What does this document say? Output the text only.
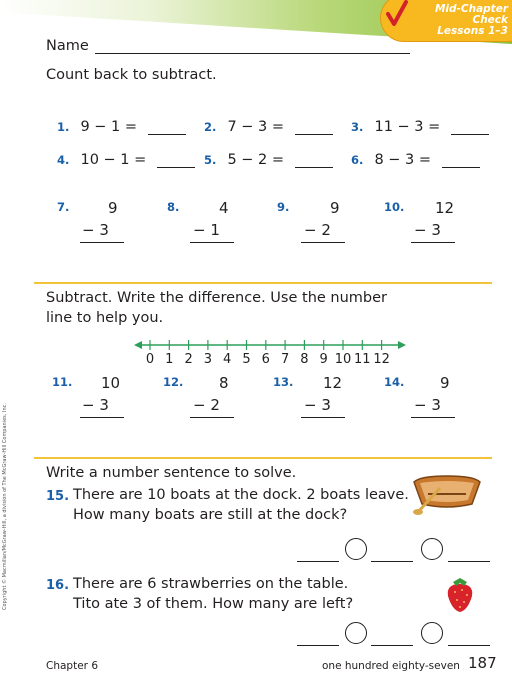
Mid-Chapter Check
Lessons 1–3
Name
Count back to subtract.
1. 9 − 1 =	2. 7 − 3 =	3. 11 − 3 =
4. 10 − 1 =	5. 5 − 2 =	6. 8 − 3 =
7.	9
− 3
8.	4
− 1
9.	9
− 2
10. 12
− 3
Subtract. Write the difference. Use the number
line to help you.
0 1 2 3 4 5 6 7 8 9 10 11 12
11. 10
− 3
12. 8
− 2
13. 12
− 3
14. 9
− 3
Write a number sentence to solve.
15. There are 10 boats at the dock. 2 boats leave.
How many boats are still at the dock?
16. There are 6 strawberries on the table.
Tito ate 3 of them. How many are left?
Copyright © Macmillan/McGraw-Hill, a division of The McGraw-Hill Companies, Inc.
Chapter 6	one hundred eighty-seven 187
